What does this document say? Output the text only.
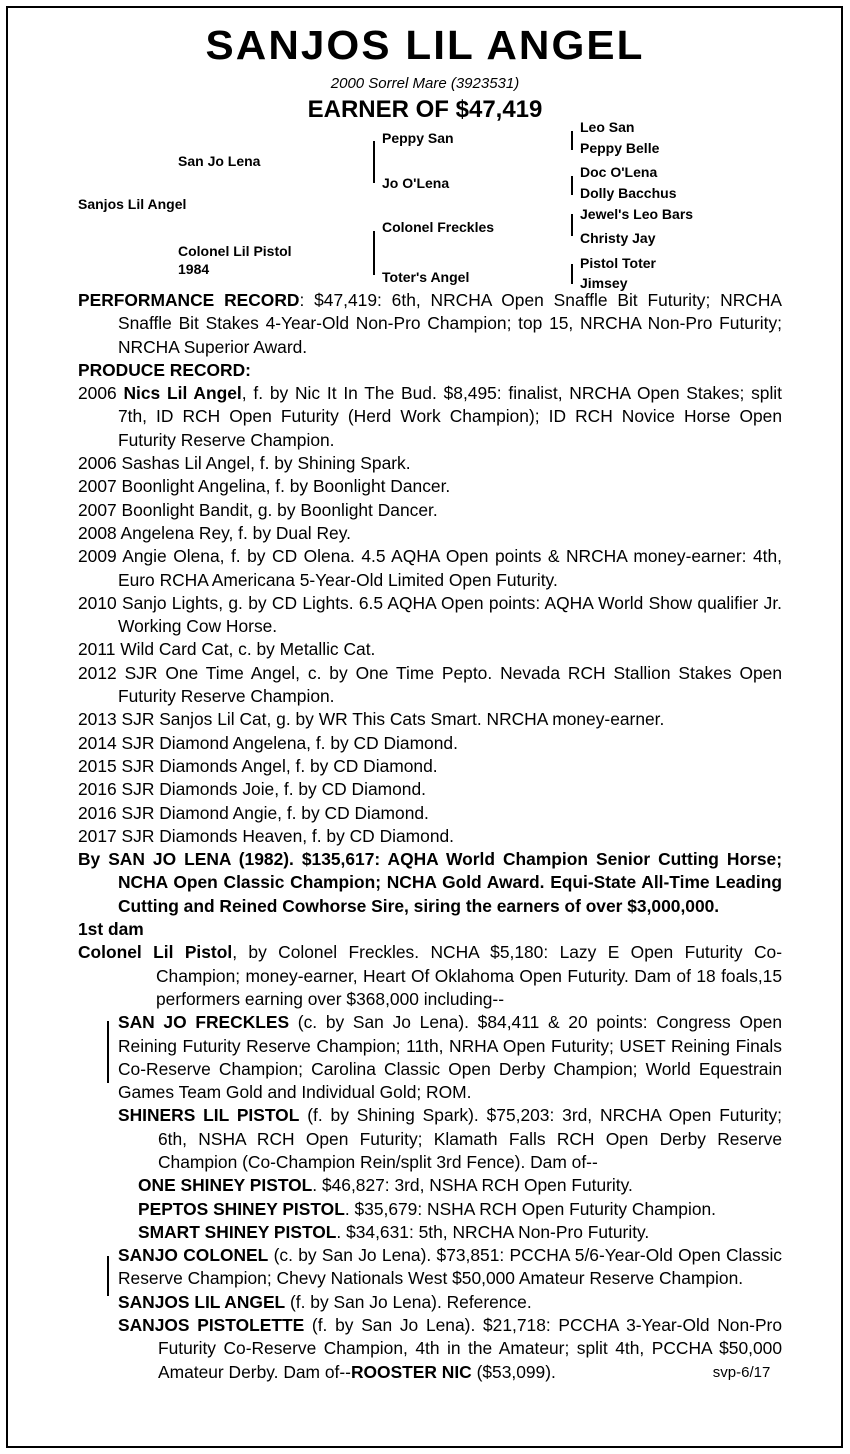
SANJOS LIL ANGEL
2000 Sorrel Mare (3923531)
EARNER OF $47,419
Sanjos Lil Angel
San Jo Lena
Colonel Lil Pistol
1984
Peppy San
Jo O'Lena
Colonel Freckles
Toter's Angel
Leo San
Peppy Belle
Doc O'Lena
Dolly Bacchus
Jewel's Leo Bars
Christy Jay
Pistol Toter
Jimsey
PERFORMANCE RECORD: $47,419: 6th, NRCHA Open Snaffle Bit Futurity; NRCHA Snaffle Bit Stakes 4-Year-Old Non-Pro Champion; top 15, NRCHA Non-Pro Futurity; NRCHA Superior Award.
PRODUCE RECORD:
2006 Nics Lil Angel, f. by Nic It In The Bud. $8,495: finalist, NRCHA Open Stakes; split 7th, ID RCH Open Futurity (Herd Work Champion); ID RCH Novice Horse Open Futurity Reserve Champion.
2006 Sashas Lil Angel, f. by Shining Spark.
2007 Boonlight Angelina, f. by Boonlight Dancer.
2007 Boonlight Bandit, g. by Boonlight Dancer.
2008 Angelena Rey, f. by Dual Rey.
2009 Angie Olena, f. by CD Olena. 4.5 AQHA Open points & NRCHA money-earner: 4th, Euro RCHA Americana 5-Year-Old Limited Open Futurity.
2010 Sanjo Lights, g. by CD Lights. 6.5 AQHA Open points: AQHA World Show qualifier Jr. Working Cow Horse.
2011 Wild Card Cat, c. by Metallic Cat.
2012 SJR One Time Angel, c. by One Time Pepto. Nevada RCH Stallion Stakes Open Futurity Reserve Champion.
2013 SJR Sanjos Lil Cat, g. by WR This Cats Smart. NRCHA money-earner.
2014 SJR Diamond Angelena, f. by CD Diamond.
2015 SJR Diamonds Angel, f. by CD Diamond.
2016 SJR Diamonds Joie, f. by CD Diamond.
2016 SJR Diamond Angie, f. by CD Diamond.
2017 SJR Diamonds Heaven, f. by CD Diamond.
By SAN JO LENA (1982). $135,617: AQHA World Champion Senior Cutting Horse; NCHA Open Classic Champion; NCHA Gold Award. Equi-State All-Time Leading Cutting and Reined Cowhorse Sire, siring the earners of over $3,000,000.
1st dam
Colonel Lil Pistol, by Colonel Freckles. NCHA $5,180: Lazy E Open Futurity Co-Champion; money-earner, Heart Of Oklahoma Open Futurity. Dam of 18 foals,15 performers earning over $368,000 including--
SAN JO FRECKLES (c. by San Jo Lena). $84,411 & 20 points: Congress Open Reining Futurity Reserve Champion; 11th, NRHA Open Futurity; USET Reining Finals Co-Reserve Champion; Carolina Classic Open Derby Champion; World Equestrain Games Team Gold and Individual Gold; ROM.
SHINERS LIL PISTOL (f. by Shining Spark). $75,203: 3rd, NRCHA Open Futurity; 6th, NSHA RCH Open Futurity; Klamath Falls RCH Open Derby Reserve Champion (Co-Champion Rein/split 3rd Fence). Dam of--
ONE SHINEY PISTOL. $46,827: 3rd, NSHA RCH Open Futurity.
PEPTOS SHINEY PISTOL. $35,679: NSHA RCH Open Futurity Champion.
SMART SHINEY PISTOL. $34,631: 5th, NRCHA Non-Pro Futurity.
SANJO COLONEL (c. by San Jo Lena). $73,851: PCCHA 5/6-Year-Old Open Classic Reserve Champion; Chevy Nationals West $50,000 Amateur Reserve Champion.
SANJOS LIL ANGEL (f. by San Jo Lena). Reference.
SANJOS PISTOLETTE (f. by San Jo Lena). $21,718: PCCHA 3-Year-Old Non-Pro Futurity Co-Reserve Champion, 4th in the Amateur; split 4th, PCCHA $50,000 Amateur Derby. Dam of--ROOSTER NIC ($53,099).	svp-6/17
